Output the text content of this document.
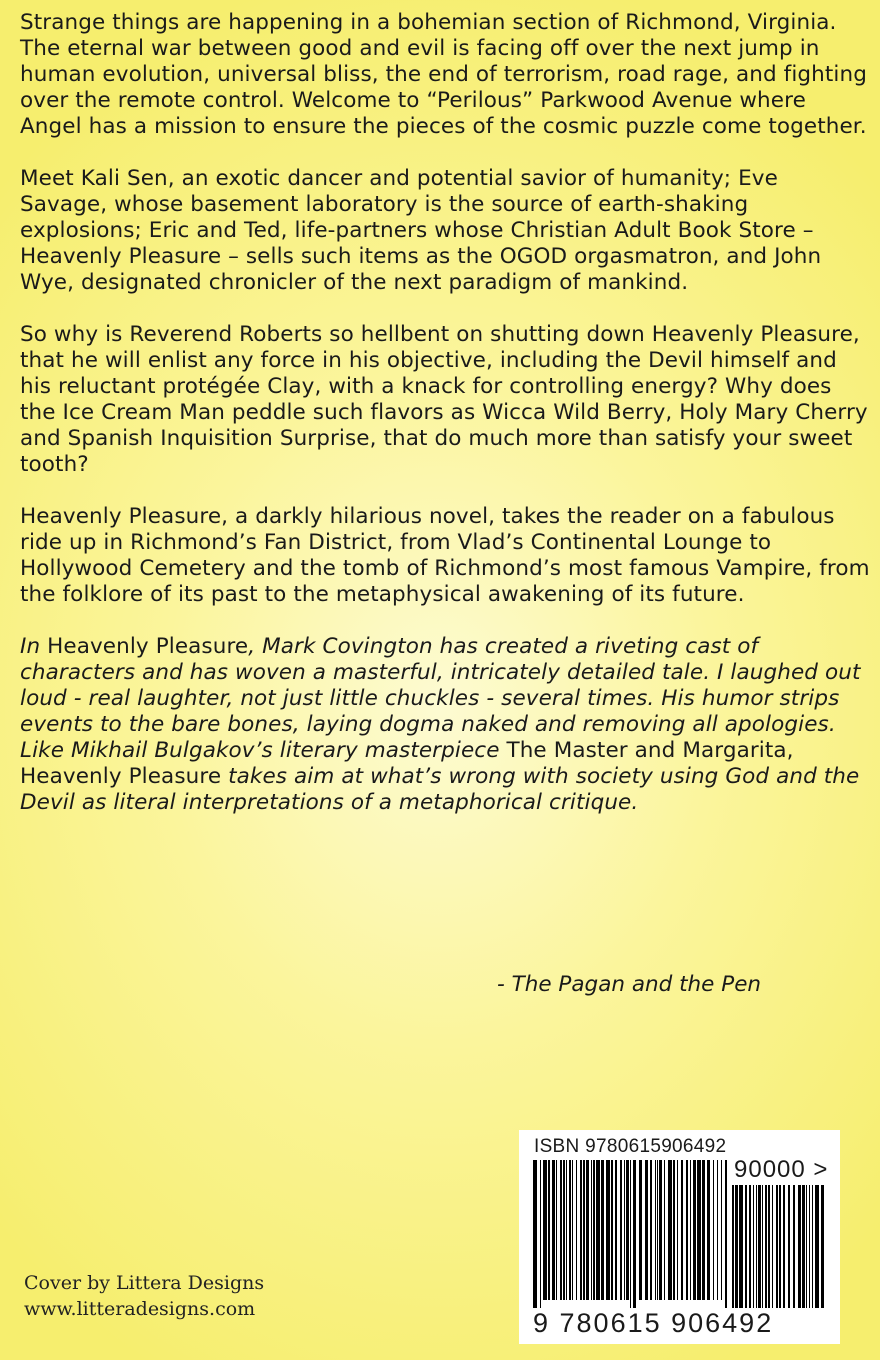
Strange things are happening in a bohemian section of Richmond, Virginia. The eternal war between good and evil is facing off over the next jump in human evolution, universal bliss, the end of terrorism, road rage, and fighting over the remote control. Welcome to “Perilous” Parkwood Avenue where Angel has a mission to ensure the pieces of the cosmic puzzle come together.

Meet Kali Sen, an exotic dancer and potential savior of humanity; Eve Savage, whose basement laboratory is the source of earth-shaking explosions; Eric and Ted, life-partners whose Christian Adult Book Store – Heavenly Pleasure – sells such items as the OGOD orgasmatron, and John Wye, designated chronicler of the next paradigm of mankind.

So why is Reverend Roberts so hellbent on shutting down Heavenly Pleasure, that he will enlist any force in his objective, including the Devil himself and his reluctant protégée Clay, with a knack for controlling energy? Why does the Ice Cream Man peddle such flavors as Wicca Wild Berry, Holy Mary Cherry and Spanish Inquisition Surprise, that do much more than satisfy your sweet tooth?

Heavenly Pleasure, a darkly hilarious novel, takes the reader on a fabulous ride up in Richmond’s Fan District, from Vlad’s Continental Lounge to Hollywood Cemetery and the tomb of Richmond’s most famous Vampire, from the folklore of its past to the metaphysical awakening of its future.

In Heavenly Pleasure, Mark Covington has created a riveting cast of characters and has woven a masterful, intricately detailed tale. I laughed out loud - real laughter, not just little chuckles - several times. His humor strips events to the bare bones, laying dogma naked and removing all apologies.

Like Mikhail Bulgakov’s literary masterpiece The Master and Margarita, Heavenly Pleasure takes aim at what’s wrong with society using God and the Devil as literal interpretations of a metaphorical critique.

- The Pagan and the Pen
Cover by Littera Designs
www.litteradesigns.com
ISBN 9780615906492
90000 >
9 780615 906492
